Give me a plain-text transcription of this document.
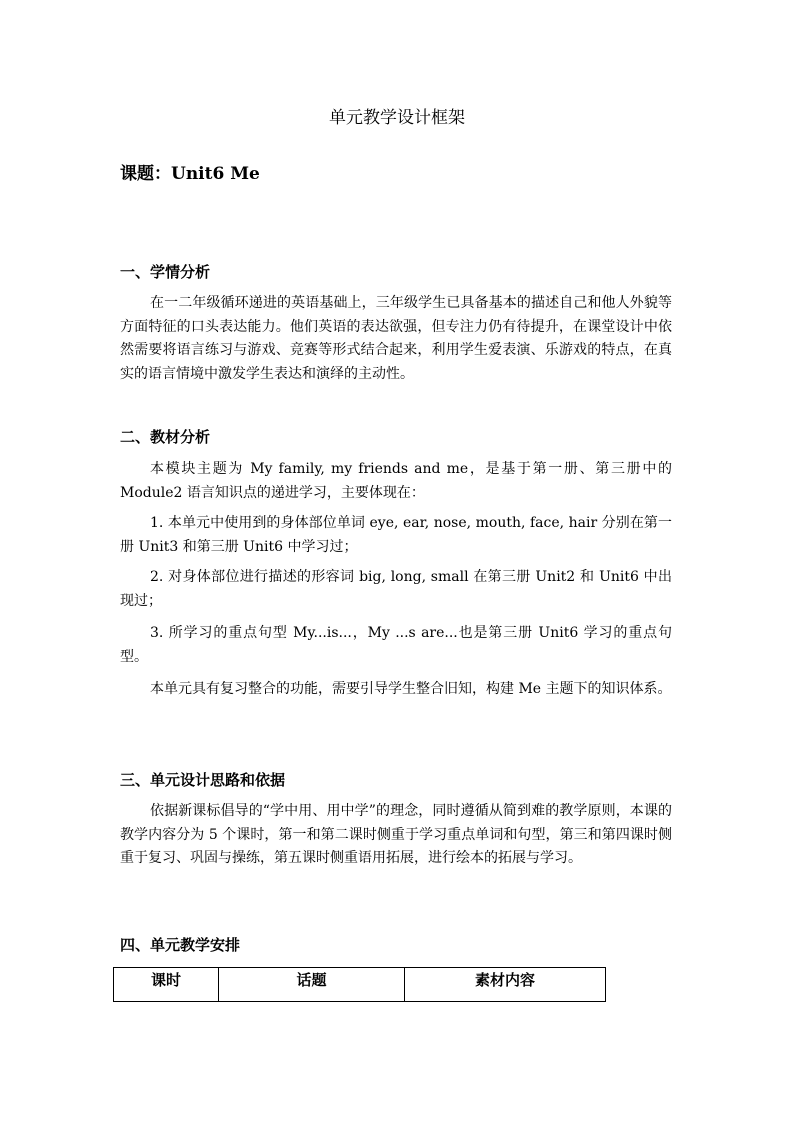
单元教学设计框架
课题：Unit6 Me
一、学情分析

在一二年级循环递进的英语基础上，三年级学生已具备基本的描述自己和他人外貌等方面特征的口头表达能力。他们英语的表达欲强，但专注力仍有待提升，在课堂设计中依然需要将语言练习与游戏、竞赛等形式结合起来，利用学生爱表演、乐游戏的特点，在真实的语言情境中激发学生表达和演绎的主动性。

二、教材分析

本模块主题为 My family, my friends and me，是基于第一册、第三册中的Module2 语言知识点的递进学习，主要体现在：

1. 本单元中使用到的身体部位单词 eye, ear, nose, mouth, face, hair 分别在第一册 Unit3 和第三册 Unit6 中学习过；

2. 对身体部位进行描述的形容词 big, long, small 在第三册 Unit2 和 Unit6 中出现过；

3. 所学习的重点句型 My...is...，My ...s are...也是第三册 Unit6 学习的重点句型。

本单元具有复习整合的功能，需要引导学生整合旧知，构建 Me 主题下的知识体系。

三、单元设计思路和依据

依据新课标倡导的“学中用、用中学”的理念，同时遵循从简到难的教学原则，本课的教学内容分为 5 个课时，第一和第二课时侧重于学习重点单词和句型，第三和第四课时侧重于复习、巩固与操练，第五课时侧重语用拓展，进行绘本的拓展与学习。

四、单元教学安排
课时	话题	素材内容
